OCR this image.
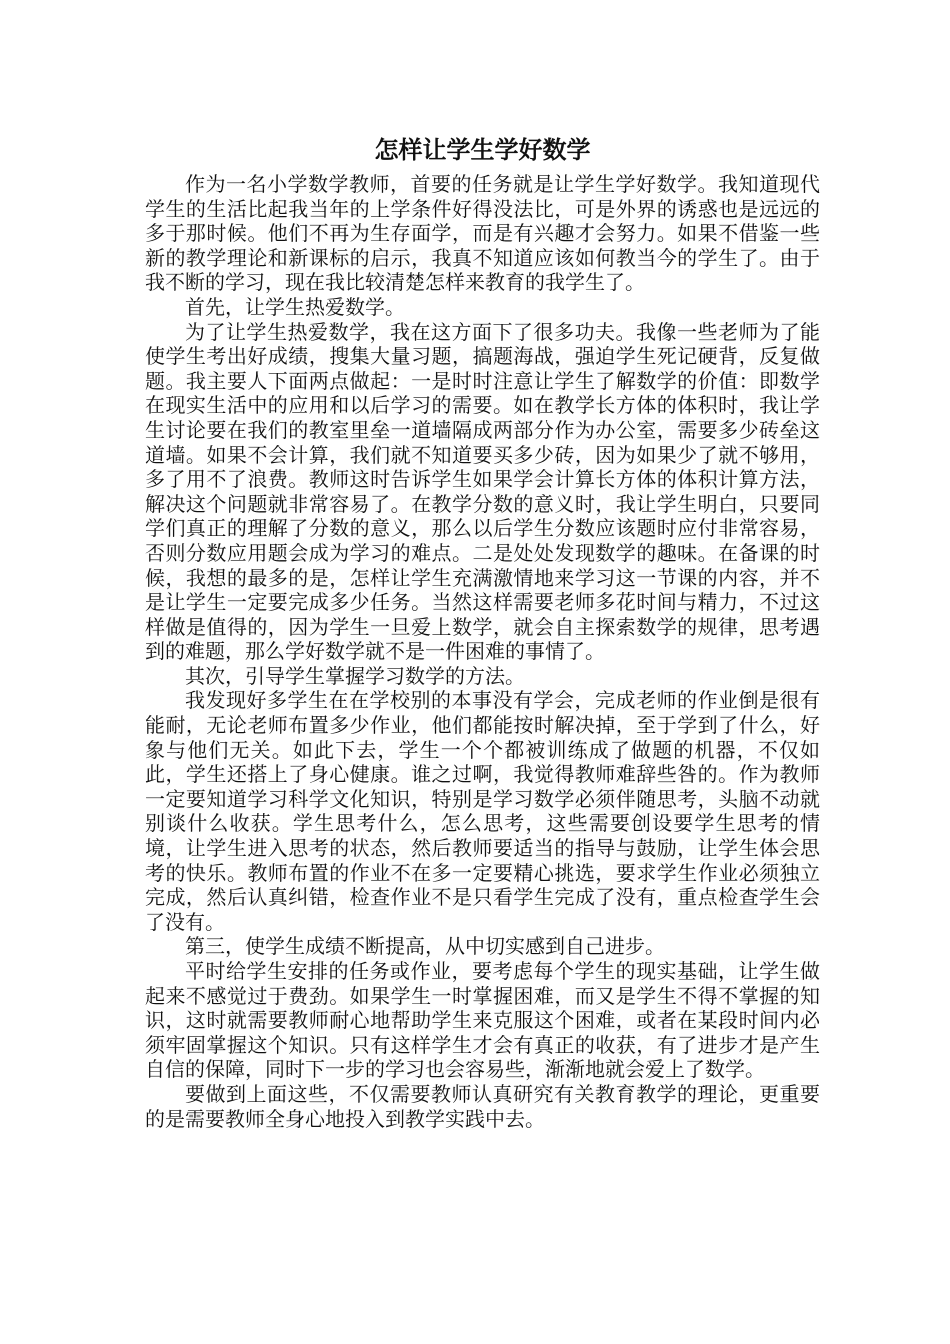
怎样让学生学好数学

作为一名小学数学教师，首要的任务就是让学生学好数学。我知道现代学生的生活比起我当年的上学条件好得没法比，可是外界的诱惑也是远远的多于那时候。他们不再为生存面学，而是有兴趣才会努力。如果不借鉴一些新的教学理论和新课标的启示，我真不知道应该如何教当今的学生了。由于我不断的学习，现在我比较清楚怎样来教育的我学生了。

首先，让学生热爱数学。

为了让学生热爱数学，我在这方面下了很多功夫。我像一些老师为了能使学生考出好成绩，搜集大量习题，搞题海战，强迫学生死记硬背，反复做题。我主要人下面两点做起：一是时时注意让学生了解数学的价值：即数学在现实生活中的应用和以后学习的需要。如在教学长方体的体积时，我让学生讨论要在我们的教室里垒一道墙隔成两部分作为办公室，需要多少砖垒这道墙。如果不会计算，我们就不知道要买多少砖，因为如果少了就不够用，多了用不了浪费。教师这时告诉学生如果学会计算长方体的体积计算方法，解决这个问题就非常容易了。在教学分数的意义时，我让学生明白，只要同学们真正的理解了分数的意义，那么以后学生分数应该题时应付非常容易，否则分数应用题会成为学习的难点。二是处处发现数学的趣味。在备课的时候，我想的最多的是，怎样让学生充满激情地来学习这一节课的内容，并不是让学生一定要完成多少任务。当然这样需要老师多花时间与精力，不过这样做是值得的，因为学生一旦爱上数学，就会自主探索数学的规律，思考遇到的难题，那么学好数学就不是一件困难的事情了。

其次，引导学生掌握学习数学的方法。

我发现好多学生在在学校别的本事没有学会，完成老师的作业倒是很有能耐，无论老师布置多少作业，他们都能按时解决掉，至于学到了什么，好象与他们无关。如此下去，学生一个个都被训练成了做题的机器，不仅如此，学生还搭上了身心健康。谁之过啊，我觉得教师难辞些咎的。作为教师一定要知道学习科学文化知识，特别是学习数学必须伴随思考，头脑不动就别谈什么收获。学生思考什么，怎么思考，这些需要创设要学生思考的情境，让学生进入思考的状态，然后教师要适当的指导与鼓励，让学生体会思考的快乐。教师布置的作业不在多一定要精心挑选，要求学生作业必须独立完成，然后认真纠错，检查作业不是只看学生完成了没有，重点检查学生会了没有。

第三，使学生成绩不断提高，从中切实感到自己进步。

平时给学生安排的任务或作业，要考虑每个学生的现实基础，让学生做起来不感觉过于费劲。如果学生一时掌握困难，而又是学生不得不掌握的知识，这时就需要教师耐心地帮助学生来克服这个困难，或者在某段时间内必须牢固掌握这个知识。只有这样学生才会有真正的收获，有了进步才是产生自信的保障，同时下一步的学习也会容易些，渐渐地就会爱上了数学。

要做到上面这些，不仅需要教师认真研究有关教育教学的理论，更重要的是需要教师全身心地投入到教学实践中去。
